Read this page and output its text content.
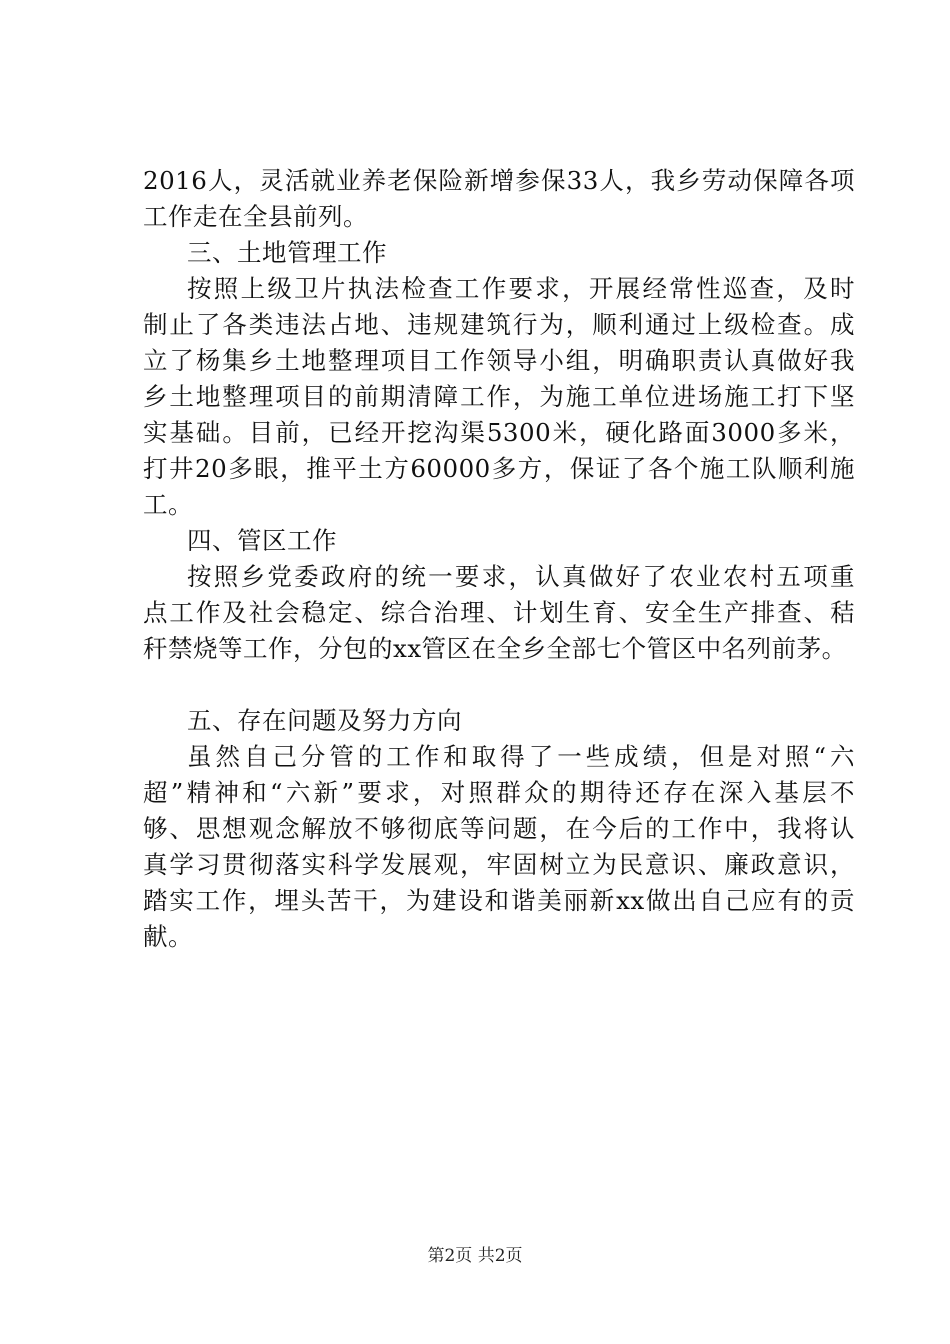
2016人，灵活就业养老保险新增参保33人，我乡劳动保障各项
工作走在全县前列。
三、土地管理工作
按照上级卫片执法检查工作要求，开展经常性巡查，及时
制止了各类违法占地、违规建筑行为，顺利通过上级检查。成
立了杨集乡土地整理项目工作领导小组，明确职责认真做好我
乡土地整理项目的前期清障工作，为施工单位进场施工打下坚
实基础。目前，已经开挖沟渠5300米，硬化路面3000多米，
打井20多眼，推平土方60000多方，保证了各个施工队顺利施
工。
四、管区工作
按照乡党委政府的统一要求，认真做好了农业农村五项重
点工作及社会稳定、综合治理、计划生育、安全生产排查、秸
秆禁烧等工作，分包的xx管区在全乡全部七个管区中名列前茅。
五、存在问题及努力方向
虽然自己分管的工作和取得了一些成绩，但是对照“六
超”精神和“六新”要求，对照群众的期待还存在深入基层不
够、思想观念解放不够彻底等问题，在今后的工作中，我将认
真学习贯彻落实科学发展观，牢固树立为民意识、廉政意识，
踏实工作，埋头苦干，为建设和谐美丽新xx做出自己应有的贡
献。
第2页 共2页
